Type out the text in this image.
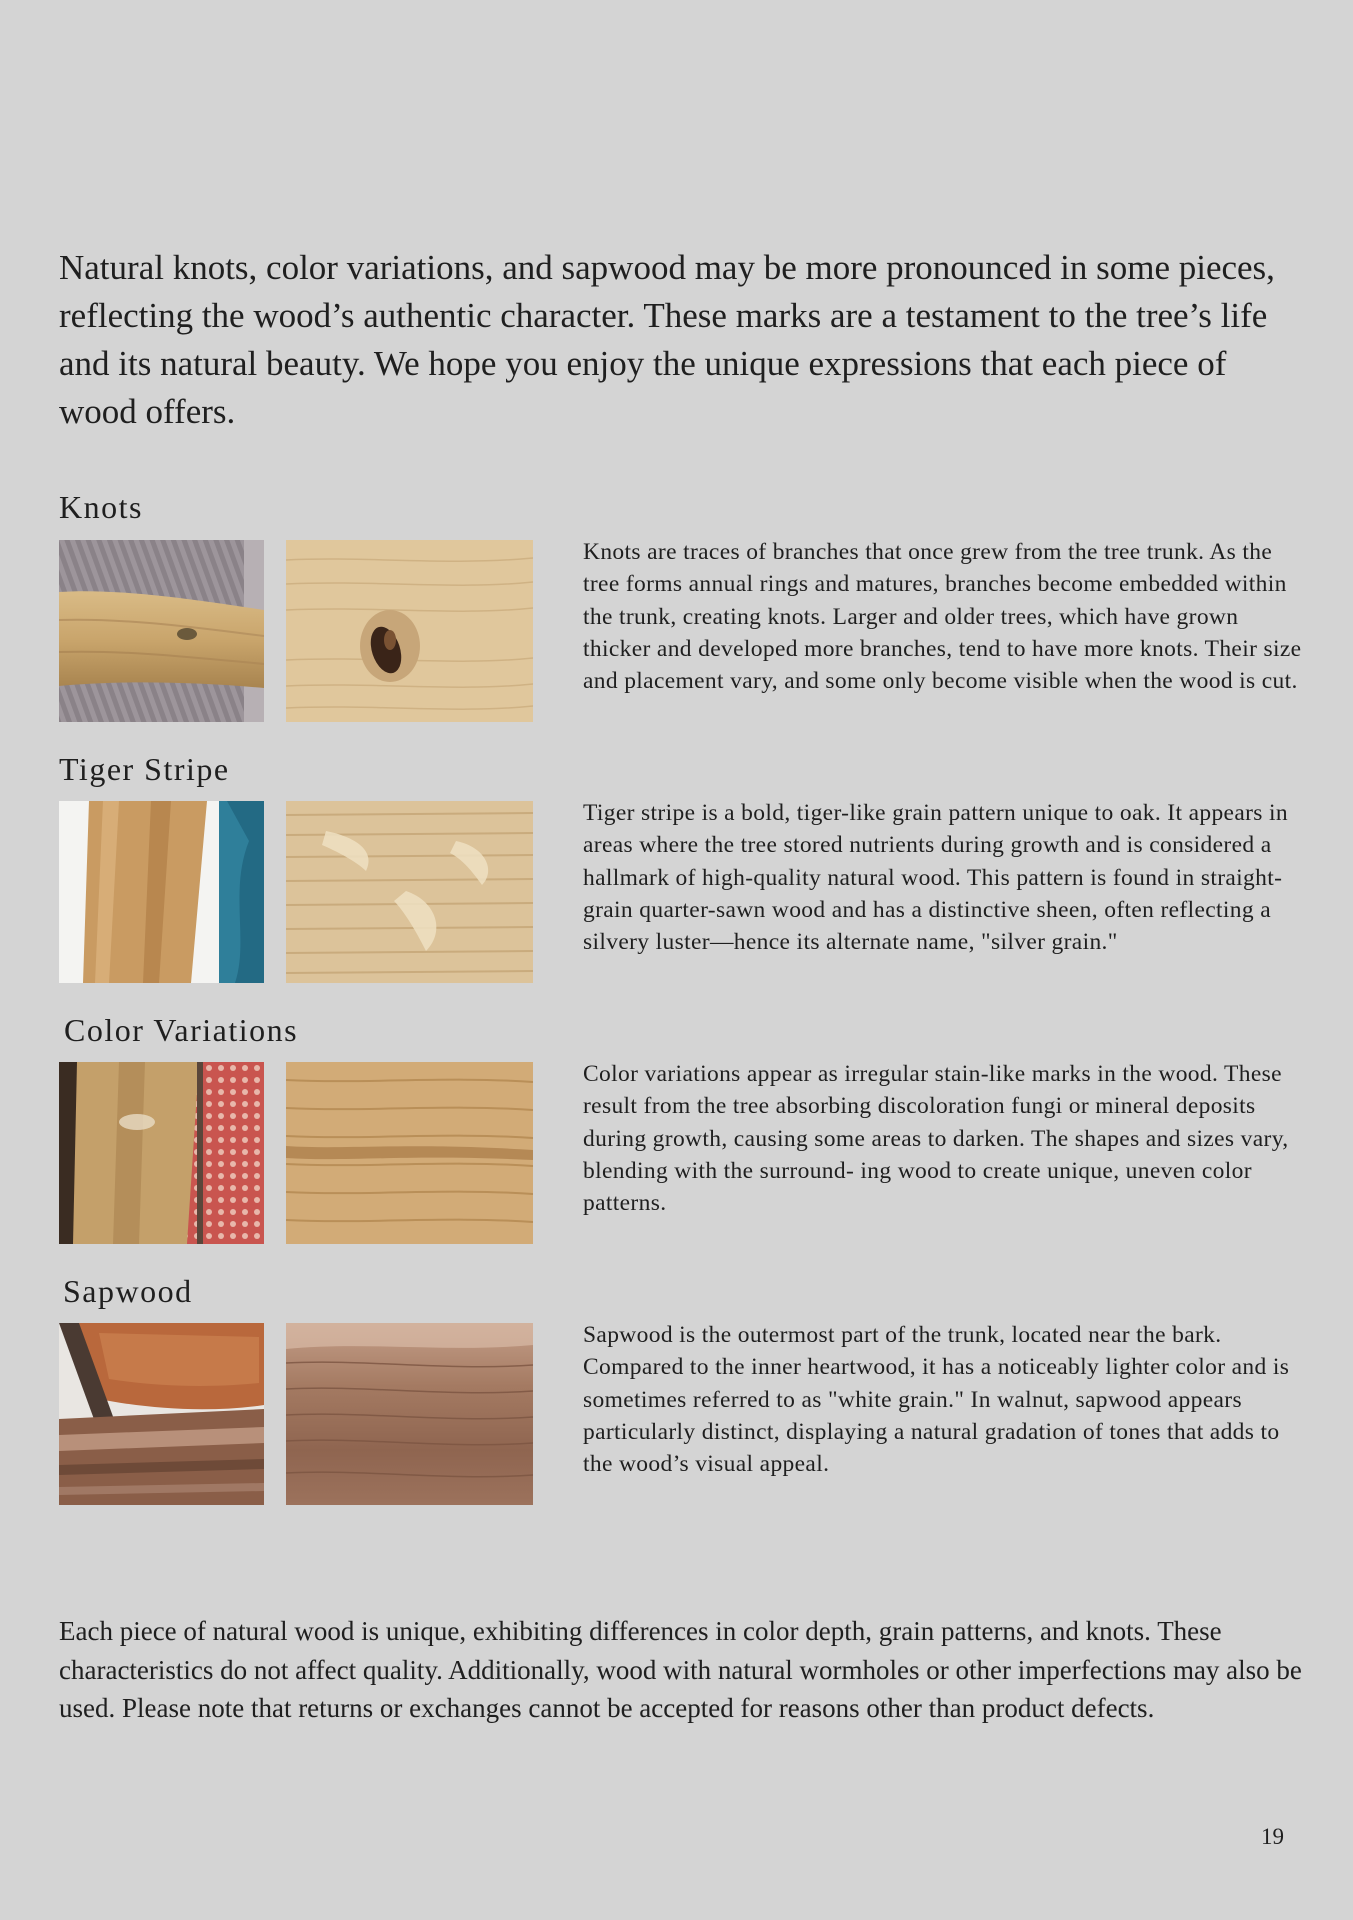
Natural knots, color variations, and sapwood may be more pronounced in some pieces, reflecting the wood’s authentic character. These marks are a testament to the tree’s life and its natural beauty. We hope you enjoy the unique expressions that each piece of wood offers.

Knots

Knots are traces of branches that once grew from the tree trunk. As the tree forms annual rings and matures, branches become embedded within the trunk, creating knots. Larger and older trees, which have grown thicker and developed more branches, tend to have more knots. Their size and placement vary, and some only become visible when the wood is cut.

Tiger Stripe

Tiger stripe is a bold, tiger-like grain pattern unique to oak. It appears in areas where the tree stored nutrients during growth and is considered a hallmark of high-quality natural wood. This pattern is found in straight-grain quarter-sawn wood and has a distinctive sheen, often reflecting a silvery luster—hence its alternate name, "silver grain."

Color Variations

Color variations appear as irregular stain-like marks in the wood. These result from the tree absorbing discoloration fungi or mineral deposits during growth, causing some areas to darken. The shapes and sizes vary, blending with the surround- ing wood to create unique, uneven color patterns.

Sapwood

Sapwood is the outermost part of the trunk, located near the bark. Compared to the inner heartwood, it has a noticeably lighter color and is sometimes referred to as "white grain." In walnut, sapwood appears particularly distinct, displaying a natural gradation of tones that adds to the wood’s visual appeal.

Each piece of natural wood is unique, exhibiting differences in color depth, grain patterns, and knots. These characteristics do not affect quality. Additionally, wood with natural wormholes or other imperfections may also be used. Please note that returns or exchanges cannot be accepted for reasons other than product defects.

19
